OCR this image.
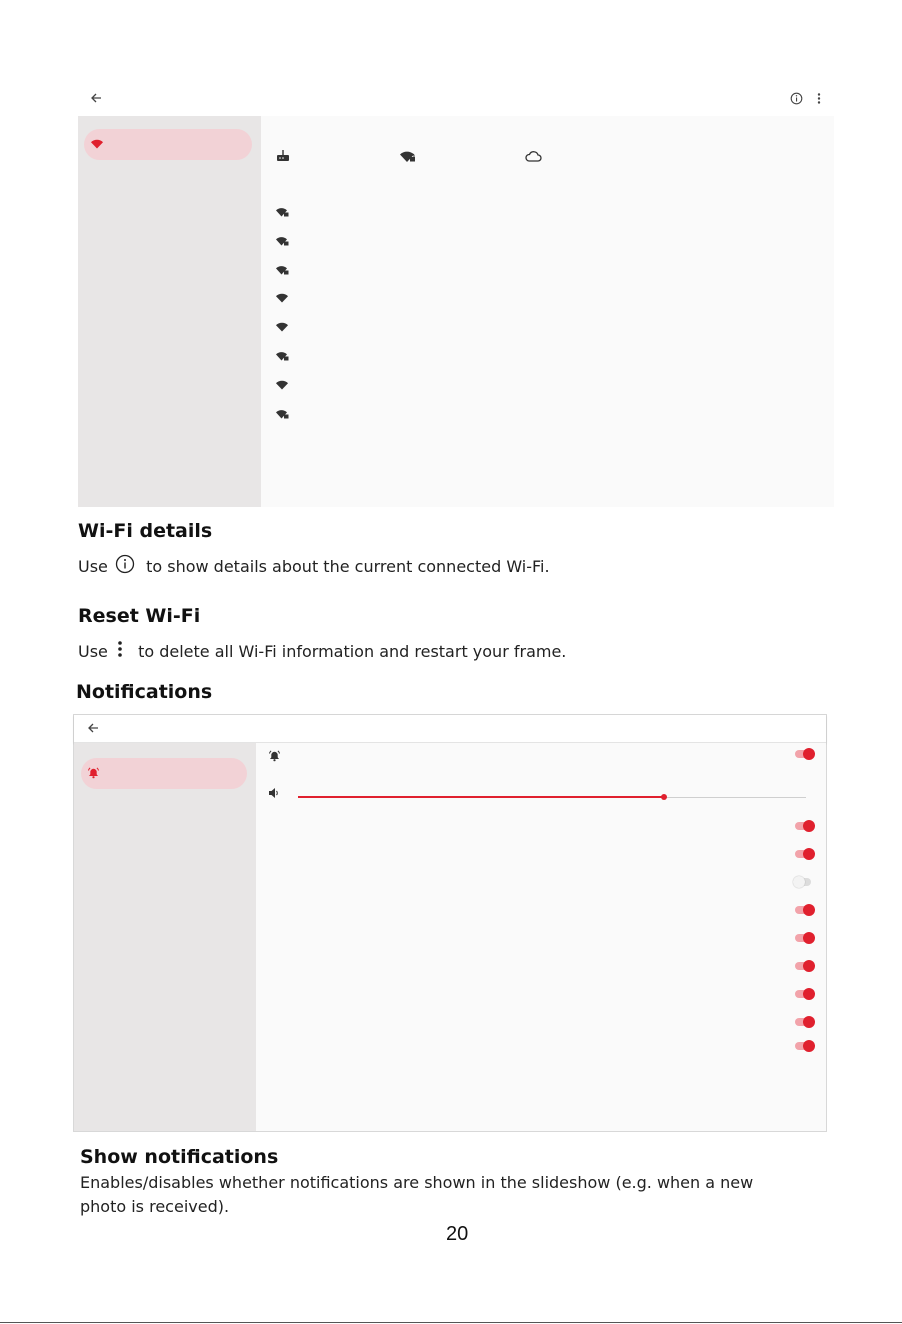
Wi-Fi details
Use to show details about the current connected Wi-Fi.
Reset Wi-Fi
Use to delete all Wi-Fi information and restart your frame.
Notifications
Show notifications
Enables/disables whether notifications are shown in the slideshow (e.g. when a new
photo is received).
20
